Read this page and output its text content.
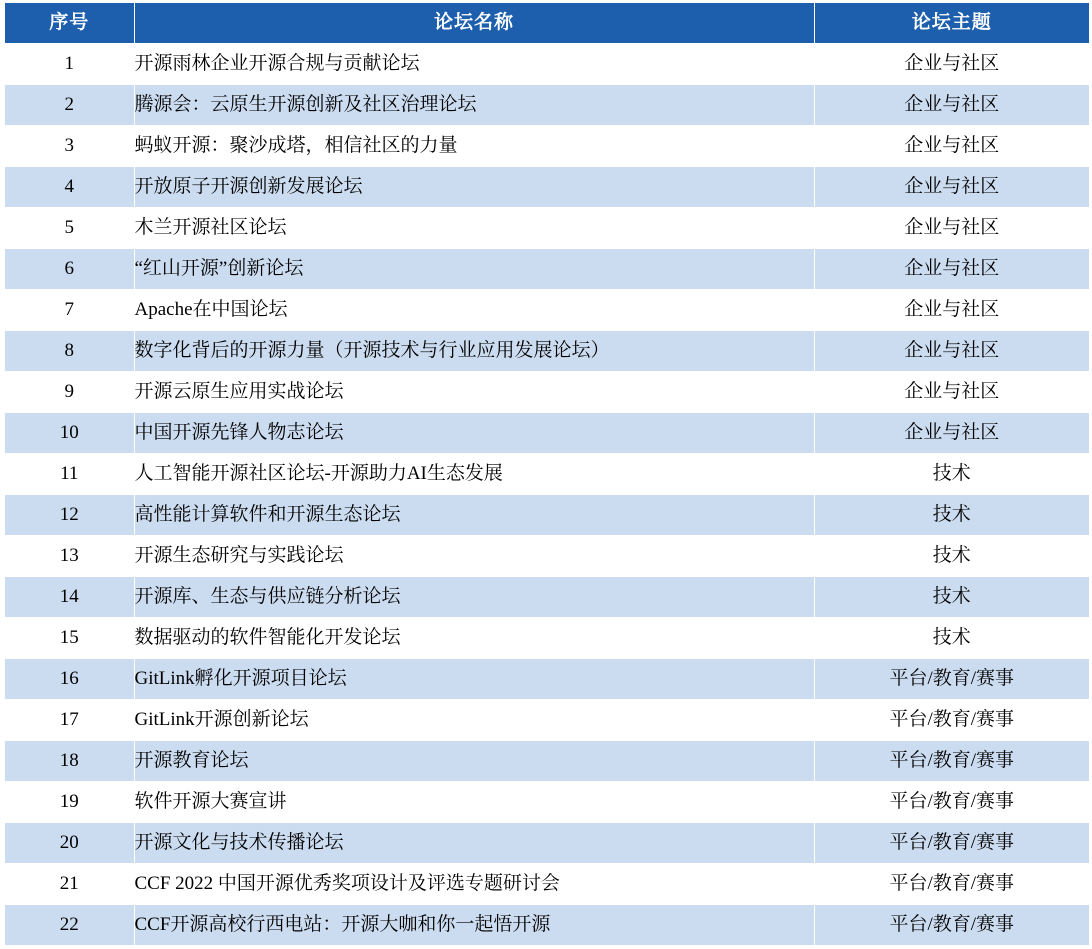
序号	论坛名称	论坛主题
1	开源雨林企业开源合规与贡献论坛	企业与社区
2	腾源会：云原生开源创新及社区治理论坛	企业与社区
3	蚂蚁开源：聚沙成塔，相信社区的力量	企业与社区
4	开放原子开源创新发展论坛	企业与社区
5	木兰开源社区论坛	企业与社区
6	“红山开源”创新论坛	企业与社区
7	Apache在中国论坛	企业与社区
8	数字化背后的开源力量（开源技术与行业应用发展论坛）	企业与社区
9	开源云原生应用实战论坛	企业与社区
10	中国开源先锋人物志论坛	企业与社区
11	人工智能开源社区论坛-开源助力AI生态发展	技术
12	高性能计算软件和开源生态论坛	技术
13	开源生态研究与实践论坛	技术
14	开源库、生态与供应链分析论坛	技术
15	数据驱动的软件智能化开发论坛	技术
16	GitLink孵化开源项目论坛	平台/教育/赛事
17	GitLink开源创新论坛	平台/教育/赛事
18	开源教育论坛	平台/教育/赛事
19	软件开源大赛宣讲	平台/教育/赛事
20	开源文化与技术传播论坛	平台/教育/赛事
21	CCF 2022 中国开源优秀奖项设计及评选专题研讨会	平台/教育/赛事
22	CCF开源高校行西电站：开源大咖和你一起悟开源	平台/教育/赛事
